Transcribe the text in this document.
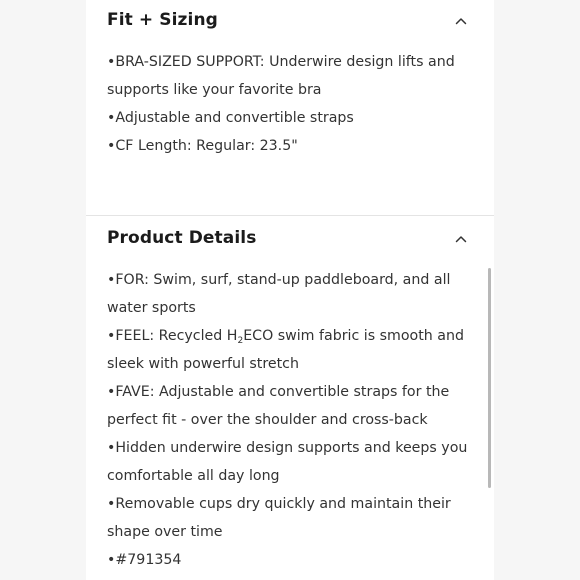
Fit + Sizing
• BRA-SIZED SUPPORT: Underwire design lifts and supports like your favorite bra
• Adjustable and convertible straps
• CF Length: Regular: 23.5"
Product Details
• FOR: Swim, surf, stand-up paddleboard, and all water sports
• FEEL: Recycled $H_2ECO$ swim fabric is smooth and sleek with powerful stretch
• FAVE: Adjustable and convertible straps for the perfect fit - over the shoulder and cross-back
• Hidden underwire design supports and keeps you comfortable all day long
• Removable cups dry quickly and maintain their shape over time
• #791354
